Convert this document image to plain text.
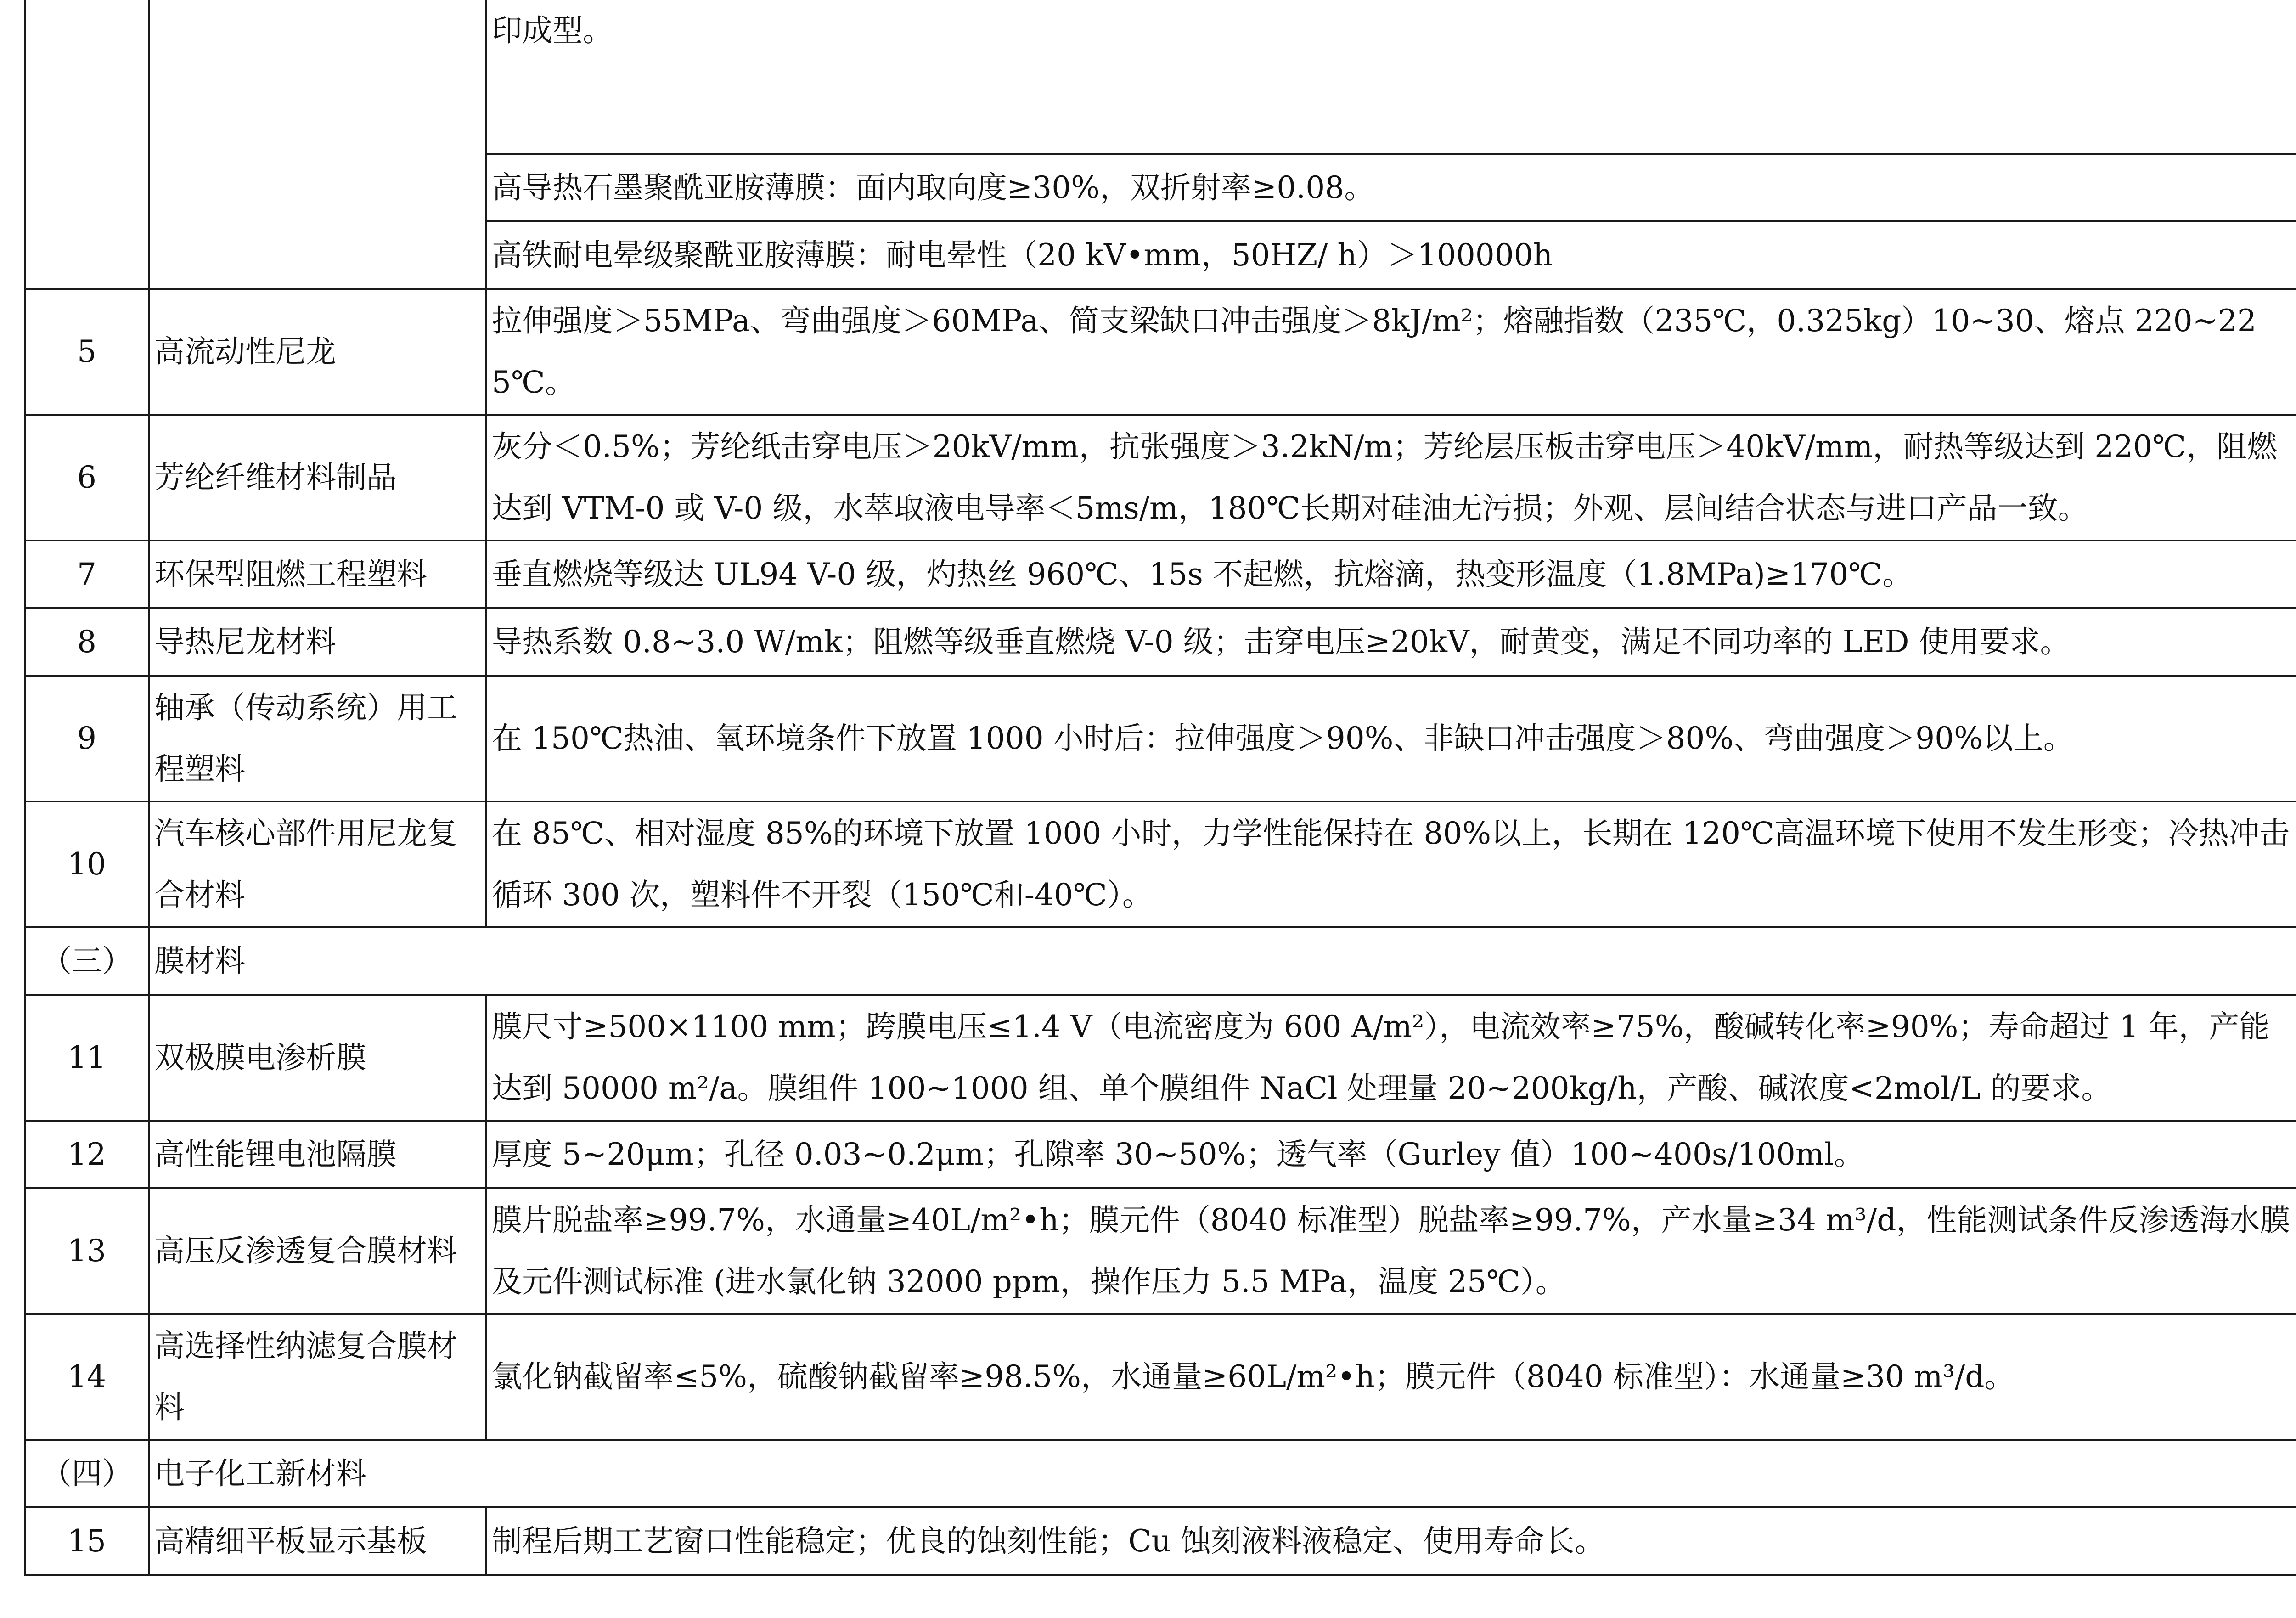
		印成型。

		高导热石墨聚酰亚胺薄膜：面内取向度≥30%，双折射率≥0.08。

		高铁耐电晕级聚酰亚胺薄膜：耐电晕性（20 kV•mm，50HZ/ h）＞100000h

5	高流动性尼龙	拉伸强度＞55MPa、弯曲强度＞60MPa、简支梁缺口冲击强度＞8kJ/m²；熔融指数（235℃，0.325kg）10~30、熔点 220~225℃。	
6	芳纶纤维材料制品	灰分＜0.5%；芳纶纸击穿电压＞20kV/mm，抗张强度＞3.2kN/m；芳纶层压板击穿电压＞40kV/mm，耐热等级达到 220℃，阻燃达到 VTM-0 或 V-0 级，水萃取液电导率＜5ms/m，180℃长期对硅油无污损；外观、层间结合状态与进口产品一致。	
7	环保型阻燃工程塑料	垂直燃烧等级达 UL94 V-0 级，灼热丝 960℃、15s 不起燃，抗熔滴，热变形温度（1.8MPa)≥170℃。	
8	导热尼龙材料	导热系数 0.8~3.0 W/mk；阻燃等级垂直燃烧 V-0 级；击穿电压≥20kV，耐黄变，满足不同功率的 LED 使用要求。	
9	轴承（传动系统）用工程塑料	在 150℃热油、氧环境条件下放置 1000 小时后：拉伸强度＞90%、非缺口冲击强度＞80%、弯曲强度＞90%以上。	
10	汽车核心部件用尼龙复合材料	在 85℃、相对湿度 85%的环境下放置 1000 小时，力学性能保持在 80%以上，长期在 120℃高温环境下使用不发生形变；冷热冲击循环 300 次，塑料件不开裂（150℃和-40℃）。	
（三）	膜材料		
11	双极膜电渗析膜	膜尺寸≥500×1100 mm；跨膜电压≤1.4 V（电流密度为 600 A/m²），电流效率≥75%，酸碱转化率≥90%；寿命超过 1 年，产能达到 50000 m²/a。膜组件 100~1000 组、单个膜组件 NaCl 处理量 20~200kg/h，产酸、碱浓度<2mol/L 的要求。	
12	高性能锂电池隔膜	厚度 5~20μm；孔径 0.03~0.2μm；孔隙率 30~50%；透气率（Gurley 值）100~400s/100ml。	
13	高压反渗透复合膜材料	膜片脱盐率≥99.7%，水通量≥40L/m²•h；膜元件（8040 标准型）脱盐率≥99.7%，产水量≥34 m³/d，性能测试条件反渗透海水膜及元件测试标准 (进水氯化钠 32000 ppm，操作压力 5.5 MPa，温度 25℃）。	
14	高选择性纳滤复合膜材料	氯化钠截留率≤5%，硫酸钠截留率≥98.5%，水通量≥60L/m²•h；膜元件（8040 标准型）：水通量≥30 m³/d。	
（四）	电子化工新材料		
15	高精细平板显示基板	制程后期工艺窗口性能稳定；优良的蚀刻性能；Cu 蚀刻液料液稳定、使用寿命长。	
